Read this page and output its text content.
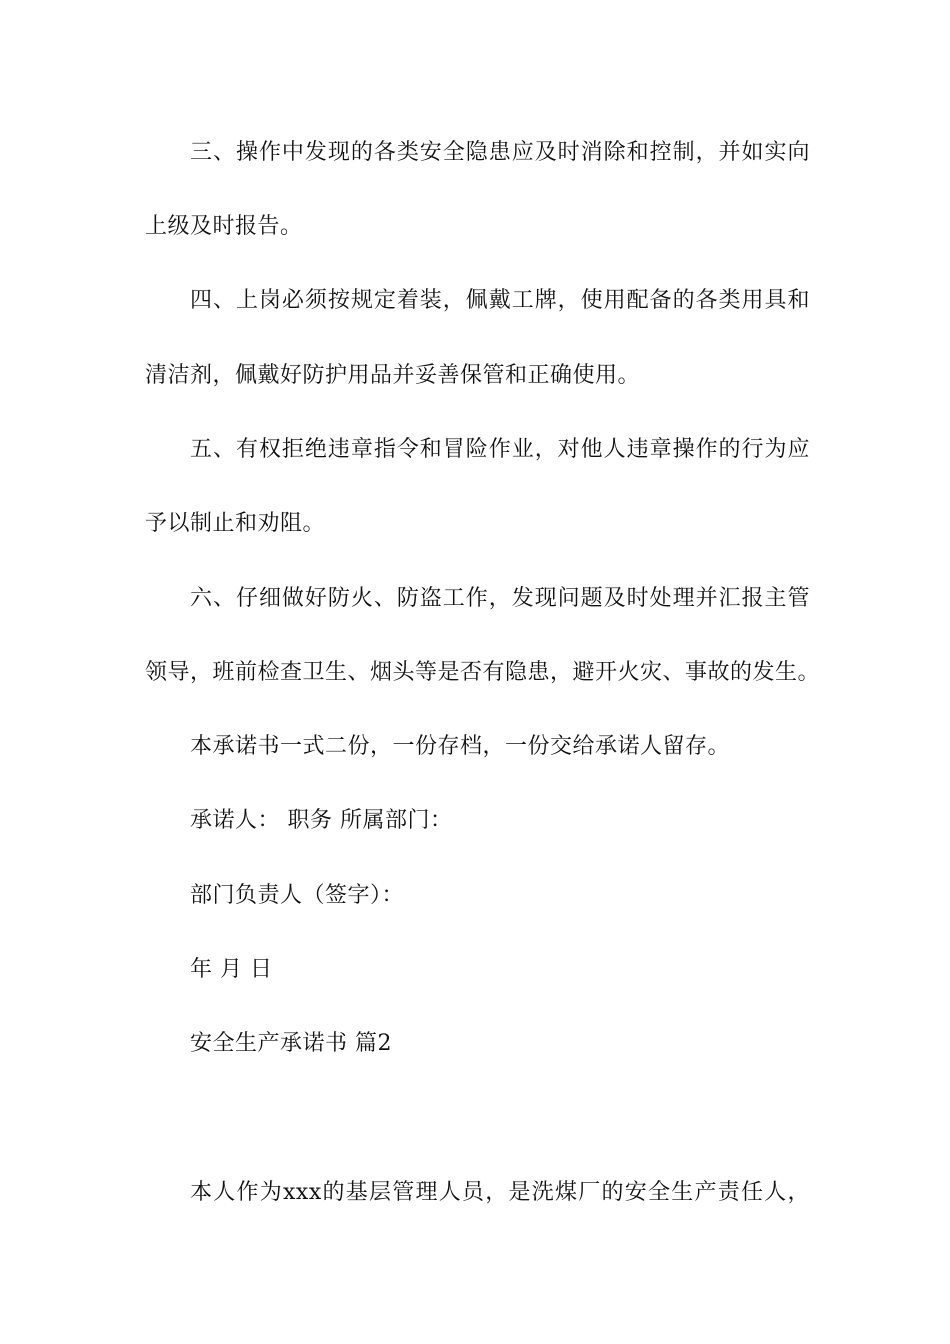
三、操作中发现的各类安全隐患应及时消除和控制，并如实向
上级及时报告。
四、上岗必须按规定着装，佩戴工牌，使用配备的各类用具和
清洁剂，佩戴好防护用品并妥善保管和正确使用。
五、有权拒绝违章指令和冒险作业，对他人违章操作的行为应
予以制止和劝阻。
六、仔细做好防火、防盗工作，发现问题及时处理并汇报主管
领导，班前检查卫生、烟头等是否有隐患，避开火灾、事故的发生。
本承诺书一式二份，一份存档，一份交给承诺人留存。
承诺人： 职务 所属部门：
部门负责人（签字）：
年 月 日
安全生产承诺书 篇2
本人作为xxx的基层管理人员，是洗煤厂的安全生产责任人，
